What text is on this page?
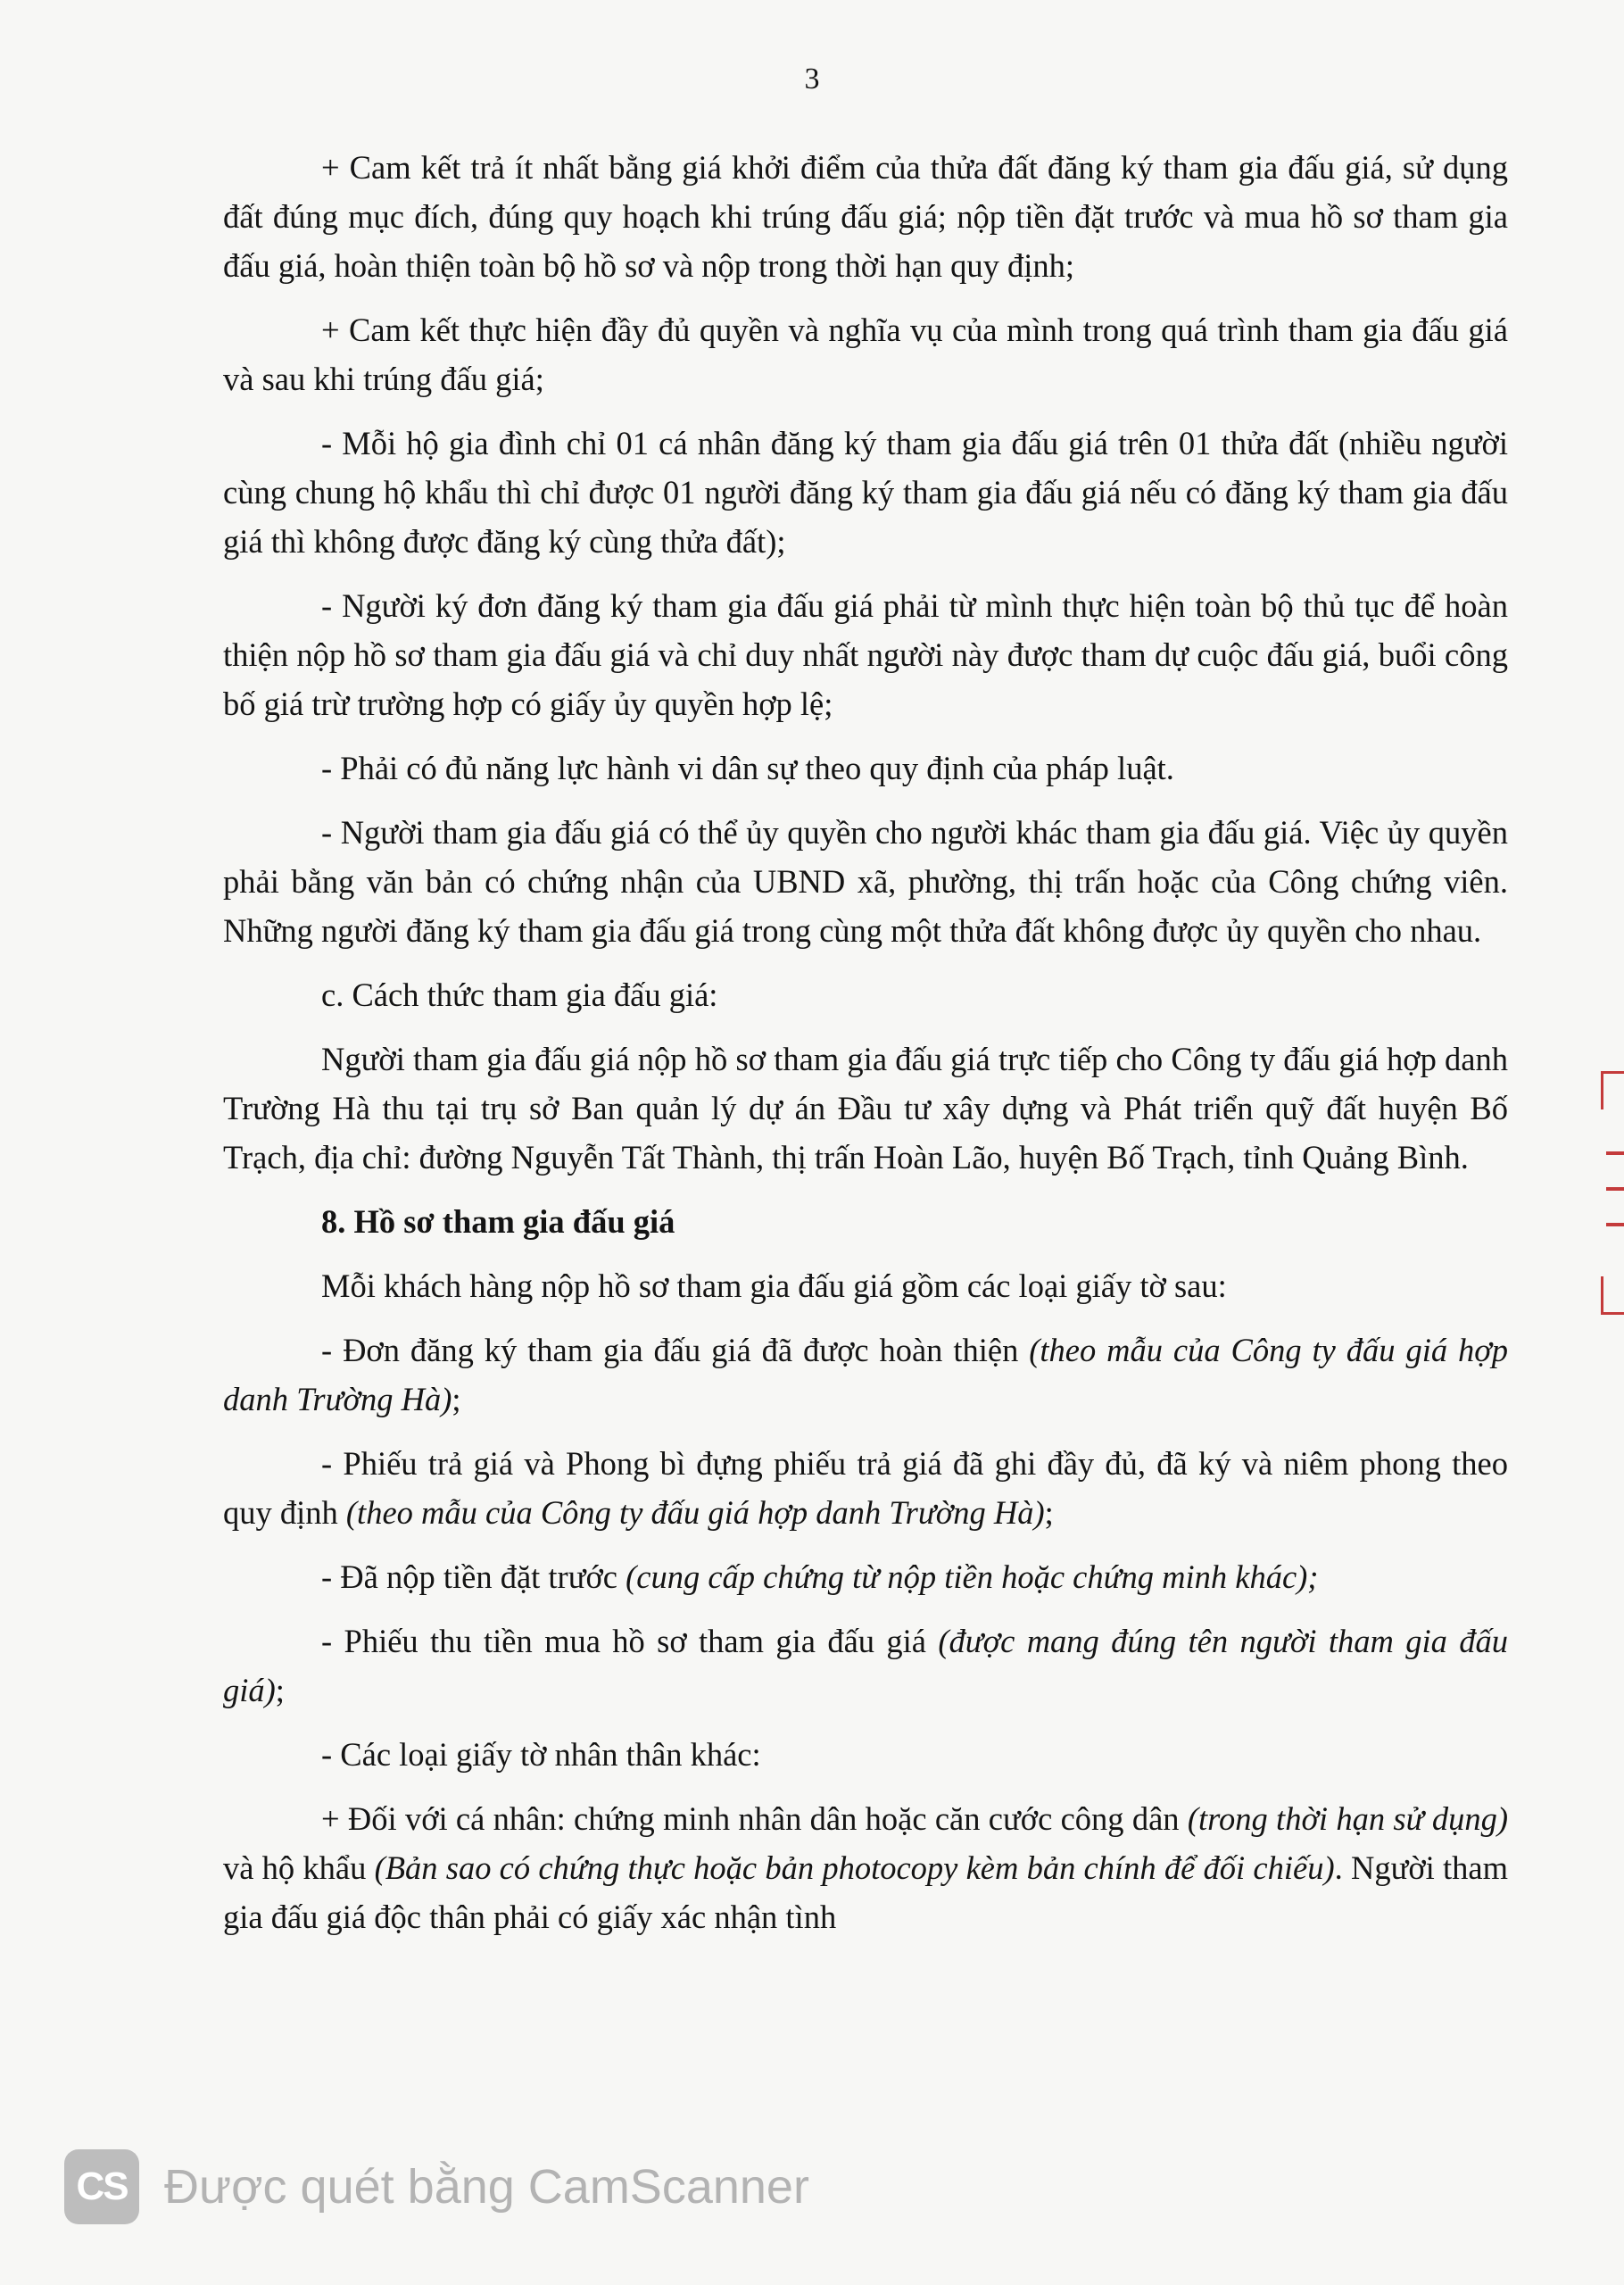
3

+ Cam kết trả ít nhất bằng giá khởi điểm của thửa đất đăng ký tham gia đấu giá, sử dụng đất đúng mục đích, đúng quy hoạch khi trúng đấu giá; nộp tiền đặt trước và mua hồ sơ tham gia đấu giá, hoàn thiện toàn bộ hồ sơ và nộp trong thời hạn quy định;

+ Cam kết thực hiện đầy đủ quyền và nghĩa vụ của mình trong quá trình tham gia đấu giá và sau khi trúng đấu giá;

- Mỗi hộ gia đình chỉ 01 cá nhân đăng ký tham gia đấu giá trên 01 thửa đất (nhiều người cùng chung hộ khẩu thì chỉ được 01 người đăng ký tham gia đấu giá nếu có đăng ký tham gia đấu giá thì không được đăng ký cùng thửa đất);

- Người ký đơn đăng ký tham gia đấu giá phải từ mình thực hiện toàn bộ thủ tục để hoàn thiện nộp hồ sơ tham gia đấu giá và chỉ duy nhất người này được tham dự cuộc đấu giá, buổi công bố giá trừ trường hợp có giấy ủy quyền hợp lệ;

- Phải có đủ năng lực hành vi dân sự theo quy định của pháp luật.

- Người tham gia đấu giá có thể ủy quyền cho người khác tham gia đấu giá. Việc ủy quyền phải bằng văn bản có chứng nhận của UBND xã, phường, thị trấn hoặc của Công chứng viên. Những người đăng ký tham gia đấu giá trong cùng một thửa đất không được ủy quyền cho nhau.

c. Cách thức tham gia đấu giá:

Người tham gia đấu giá nộp hồ sơ tham gia đấu giá trực tiếp cho Công ty đấu giá hợp danh Trường Hà thu tại trụ sở Ban quản lý dự án Đầu tư xây dựng và Phát triển quỹ đất huyện Bố Trạch, địa chỉ: đường Nguyễn Tất Thành, thị trấn Hoàn Lão, huyện Bố Trạch, tỉnh Quảng Bình.

8. Hồ sơ tham gia đấu giá

Mỗi khách hàng nộp hồ sơ tham gia đấu giá gồm các loại giấy tờ sau:

- Đơn đăng ký tham gia đấu giá đã được hoàn thiện (theo mẫu của Công ty đấu giá hợp danh Trường Hà);

- Phiếu trả giá và Phong bì đựng phiếu trả giá đã ghi đầy đủ, đã ký và niêm phong theo quy định (theo mẫu của Công ty đấu giá hợp danh Trường Hà);

- Đã nộp tiền đặt trước (cung cấp chứng từ nộp tiền hoặc chứng minh khác);

- Phiếu thu tiền mua hồ sơ tham gia đấu giá (được mang đúng tên người tham gia đấu giá);

- Các loại giấy tờ nhân thân khác:

+ Đối với cá nhân: chứng minh nhân dân hoặc căn cước công dân (trong thời hạn sử dụng) và hộ khẩu (Bản sao có chứng thực hoặc bản photocopy kèm bản chính để đối chiếu). Người tham gia đấu giá độc thân phải có giấy xác nhận tình

CS Được quét bằng CamScanner
